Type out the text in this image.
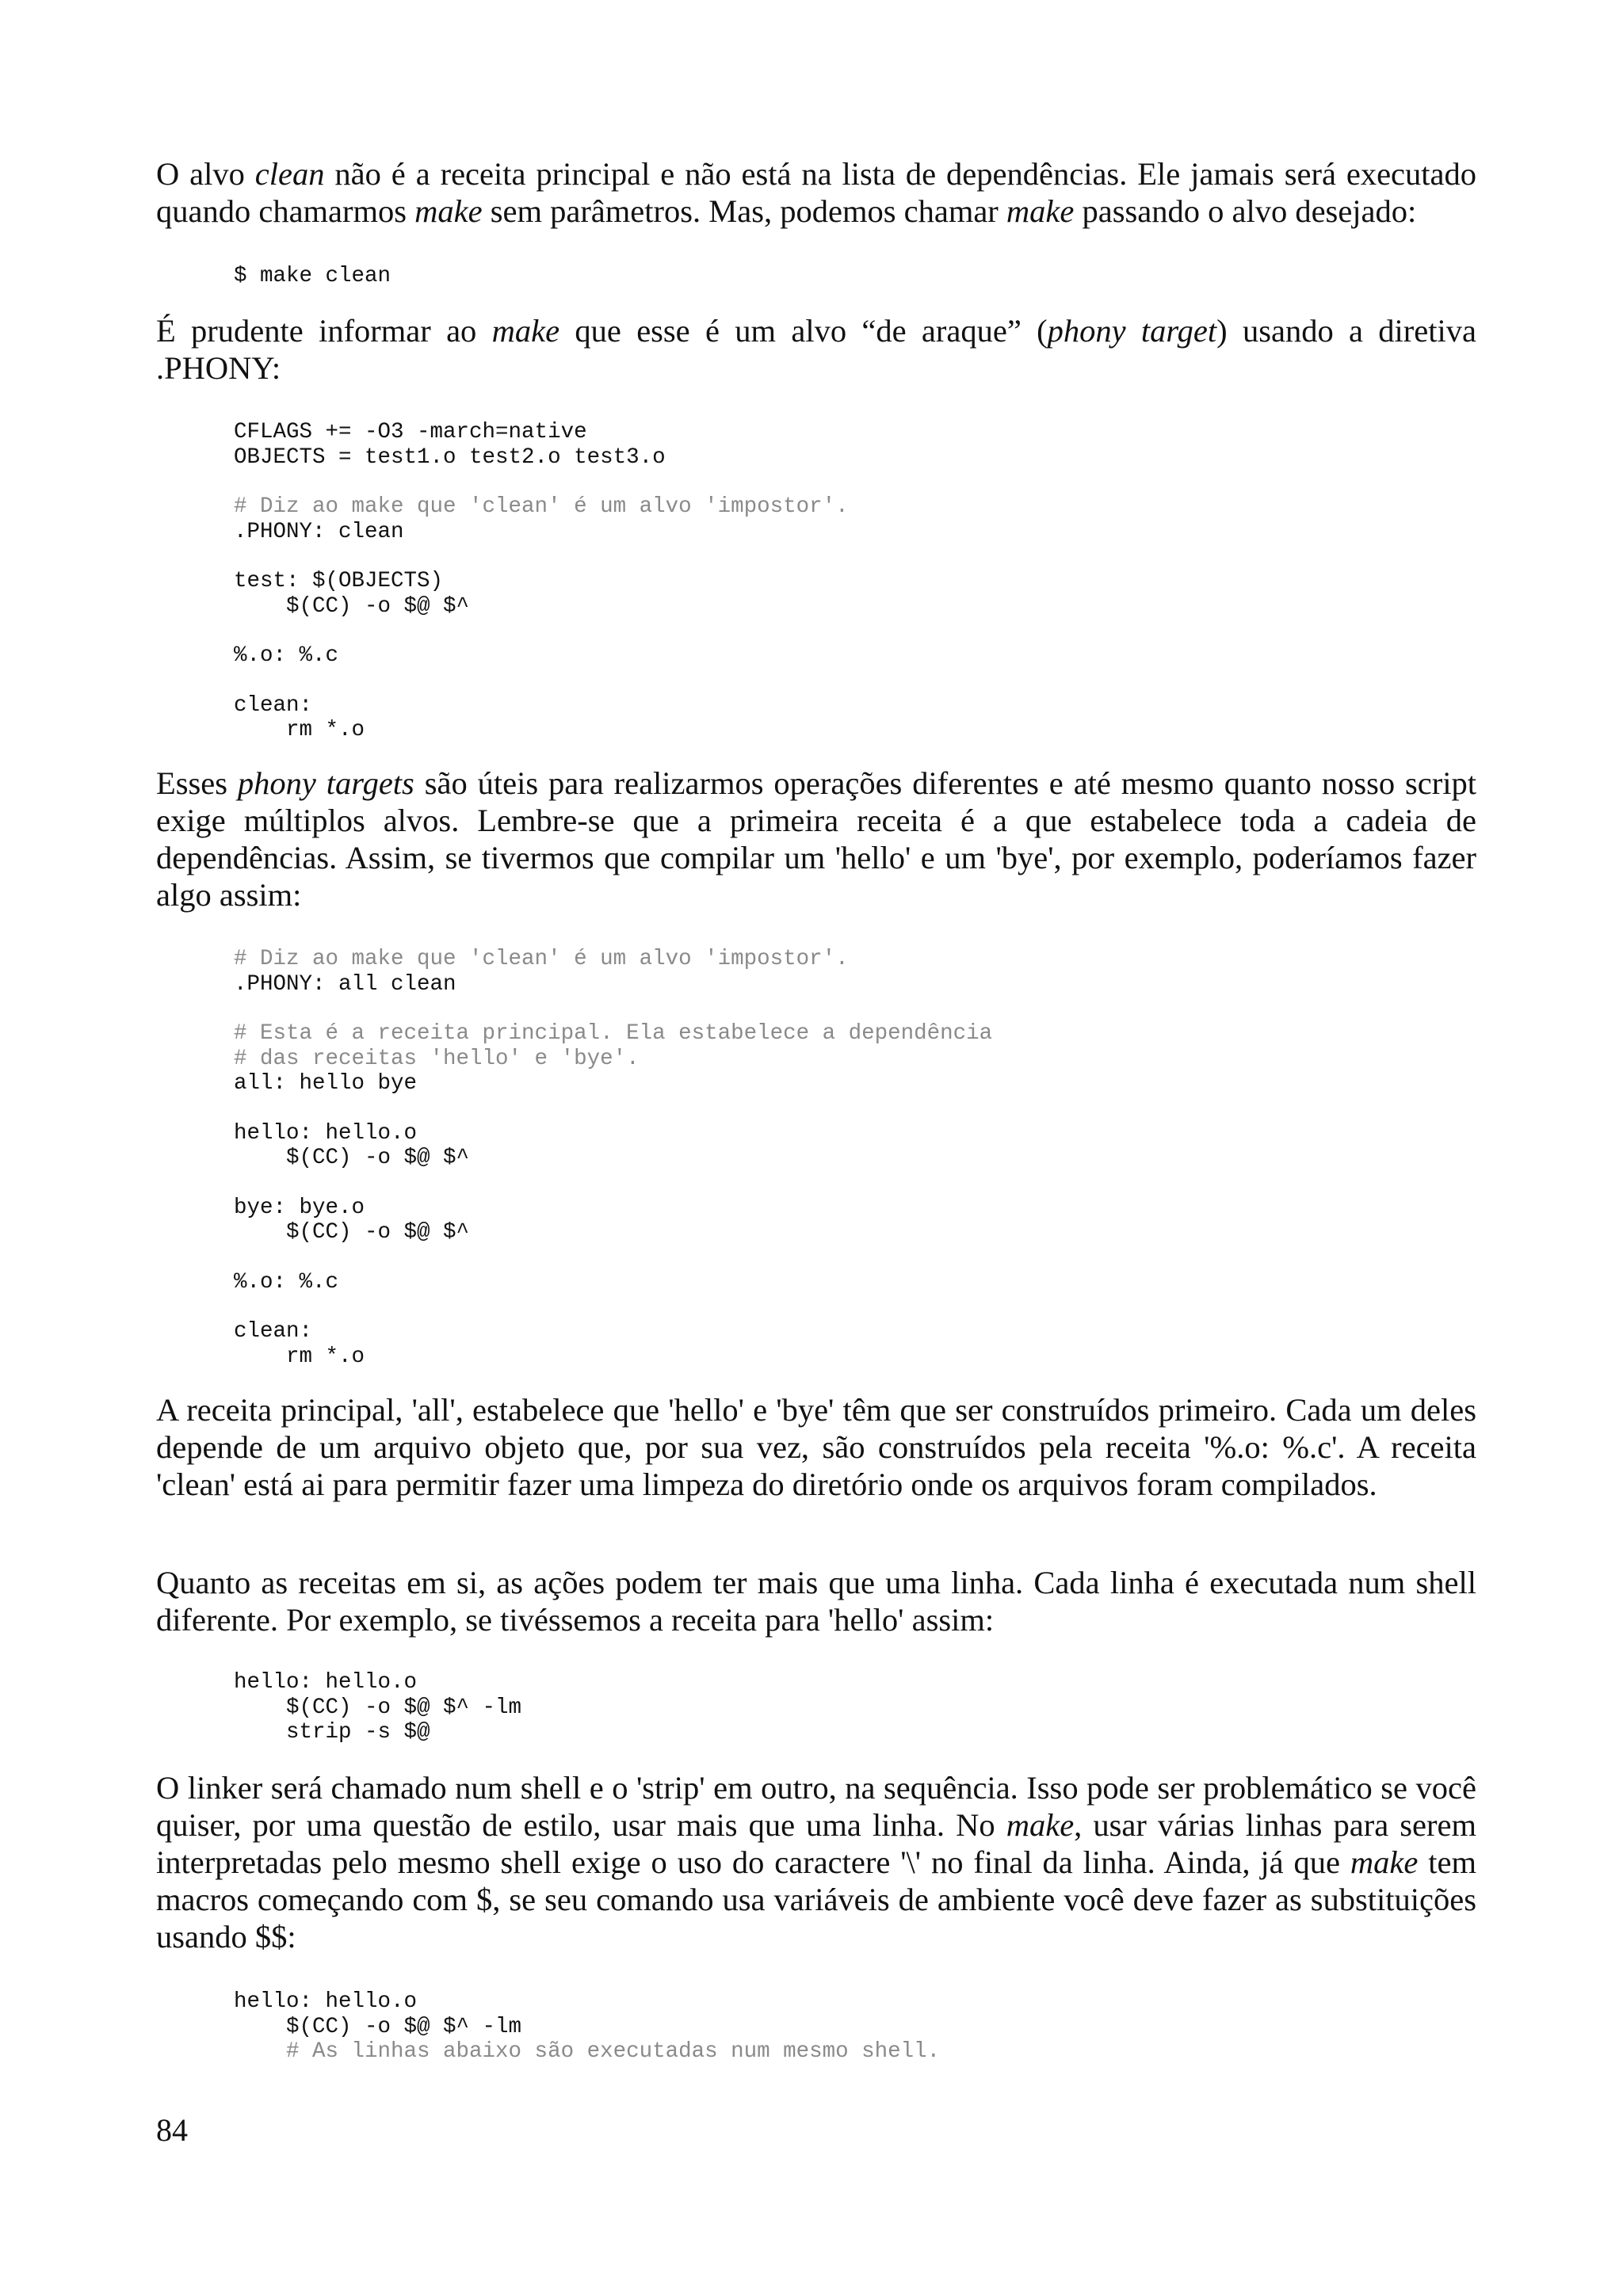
O alvo clean não é a receita principal e não está na lista de dependências. Ele jamais será executado quando chamarmos make sem parâmetros. Mas, podemos chamar make passando o alvo desejado:

$ make clean

É prudente informar ao make que esse é um alvo “de araque” (phony target) usando a diretiva .PHONY:

CFLAGS += -O3 -march=native
OBJECTS = test1.o test2.o test3.o
# Diz ao make que 'clean' é um alvo 'impostor'.
.PHONY: clean
test: $(OBJECTS)
$(CC) -o $@ $^
%.o: %.c
clean:
rm *.o

Esses phony targets são úteis para realizarmos operações diferentes e até mesmo quanto nosso script exige múltiplos alvos. Lembre-se que a primeira receita é a que estabelece toda a cadeia de dependências. Assim, se tivermos que compilar um 'hello' e um 'bye', por exemplo, poderíamos fazer algo assim:

# Diz ao make que 'clean' é um alvo 'impostor'.
.PHONY: all clean
# Esta é a receita principal. Ela estabelece a dependência
# das receitas 'hello' e 'bye'.
all: hello bye
hello: hello.o
$(CC) -o $@ $^
bye: bye.o
$(CC) -o $@ $^
%.o: %.c
clean:
rm *.o

A receita principal, 'all', estabelece que 'hello' e 'bye' têm que ser construídos primeiro. Cada um deles depende de um arquivo objeto que, por sua vez, são construídos pela receita '%.o: %.c'. A receita 'clean' está ai para permitir fazer uma limpeza do diretório onde os arquivos foram compilados.

Quanto as receitas em si, as ações podem ter mais que uma linha. Cada linha é executada num shell diferente. Por exemplo, se tivéssemos a receita para 'hello' assim:

hello: hello.o
$(CC) -o $@ $^ -lm
strip -s $@

O linker será chamado num shell e o 'strip' em outro, na sequência. Isso pode ser problemático se você quiser, por uma questão de estilo, usar mais que uma linha. No make, usar várias linhas para serem interpretadas pelo mesmo shell exige o uso do caractere '\' no final da linha. Ainda, já que make tem macros começando com $, se seu comando usa variáveis de ambiente você deve fazer as substituições usando $$:

hello: hello.o
$(CC) -o $@ $^ -lm
# As linhas abaixo são executadas num mesmo shell.

84
